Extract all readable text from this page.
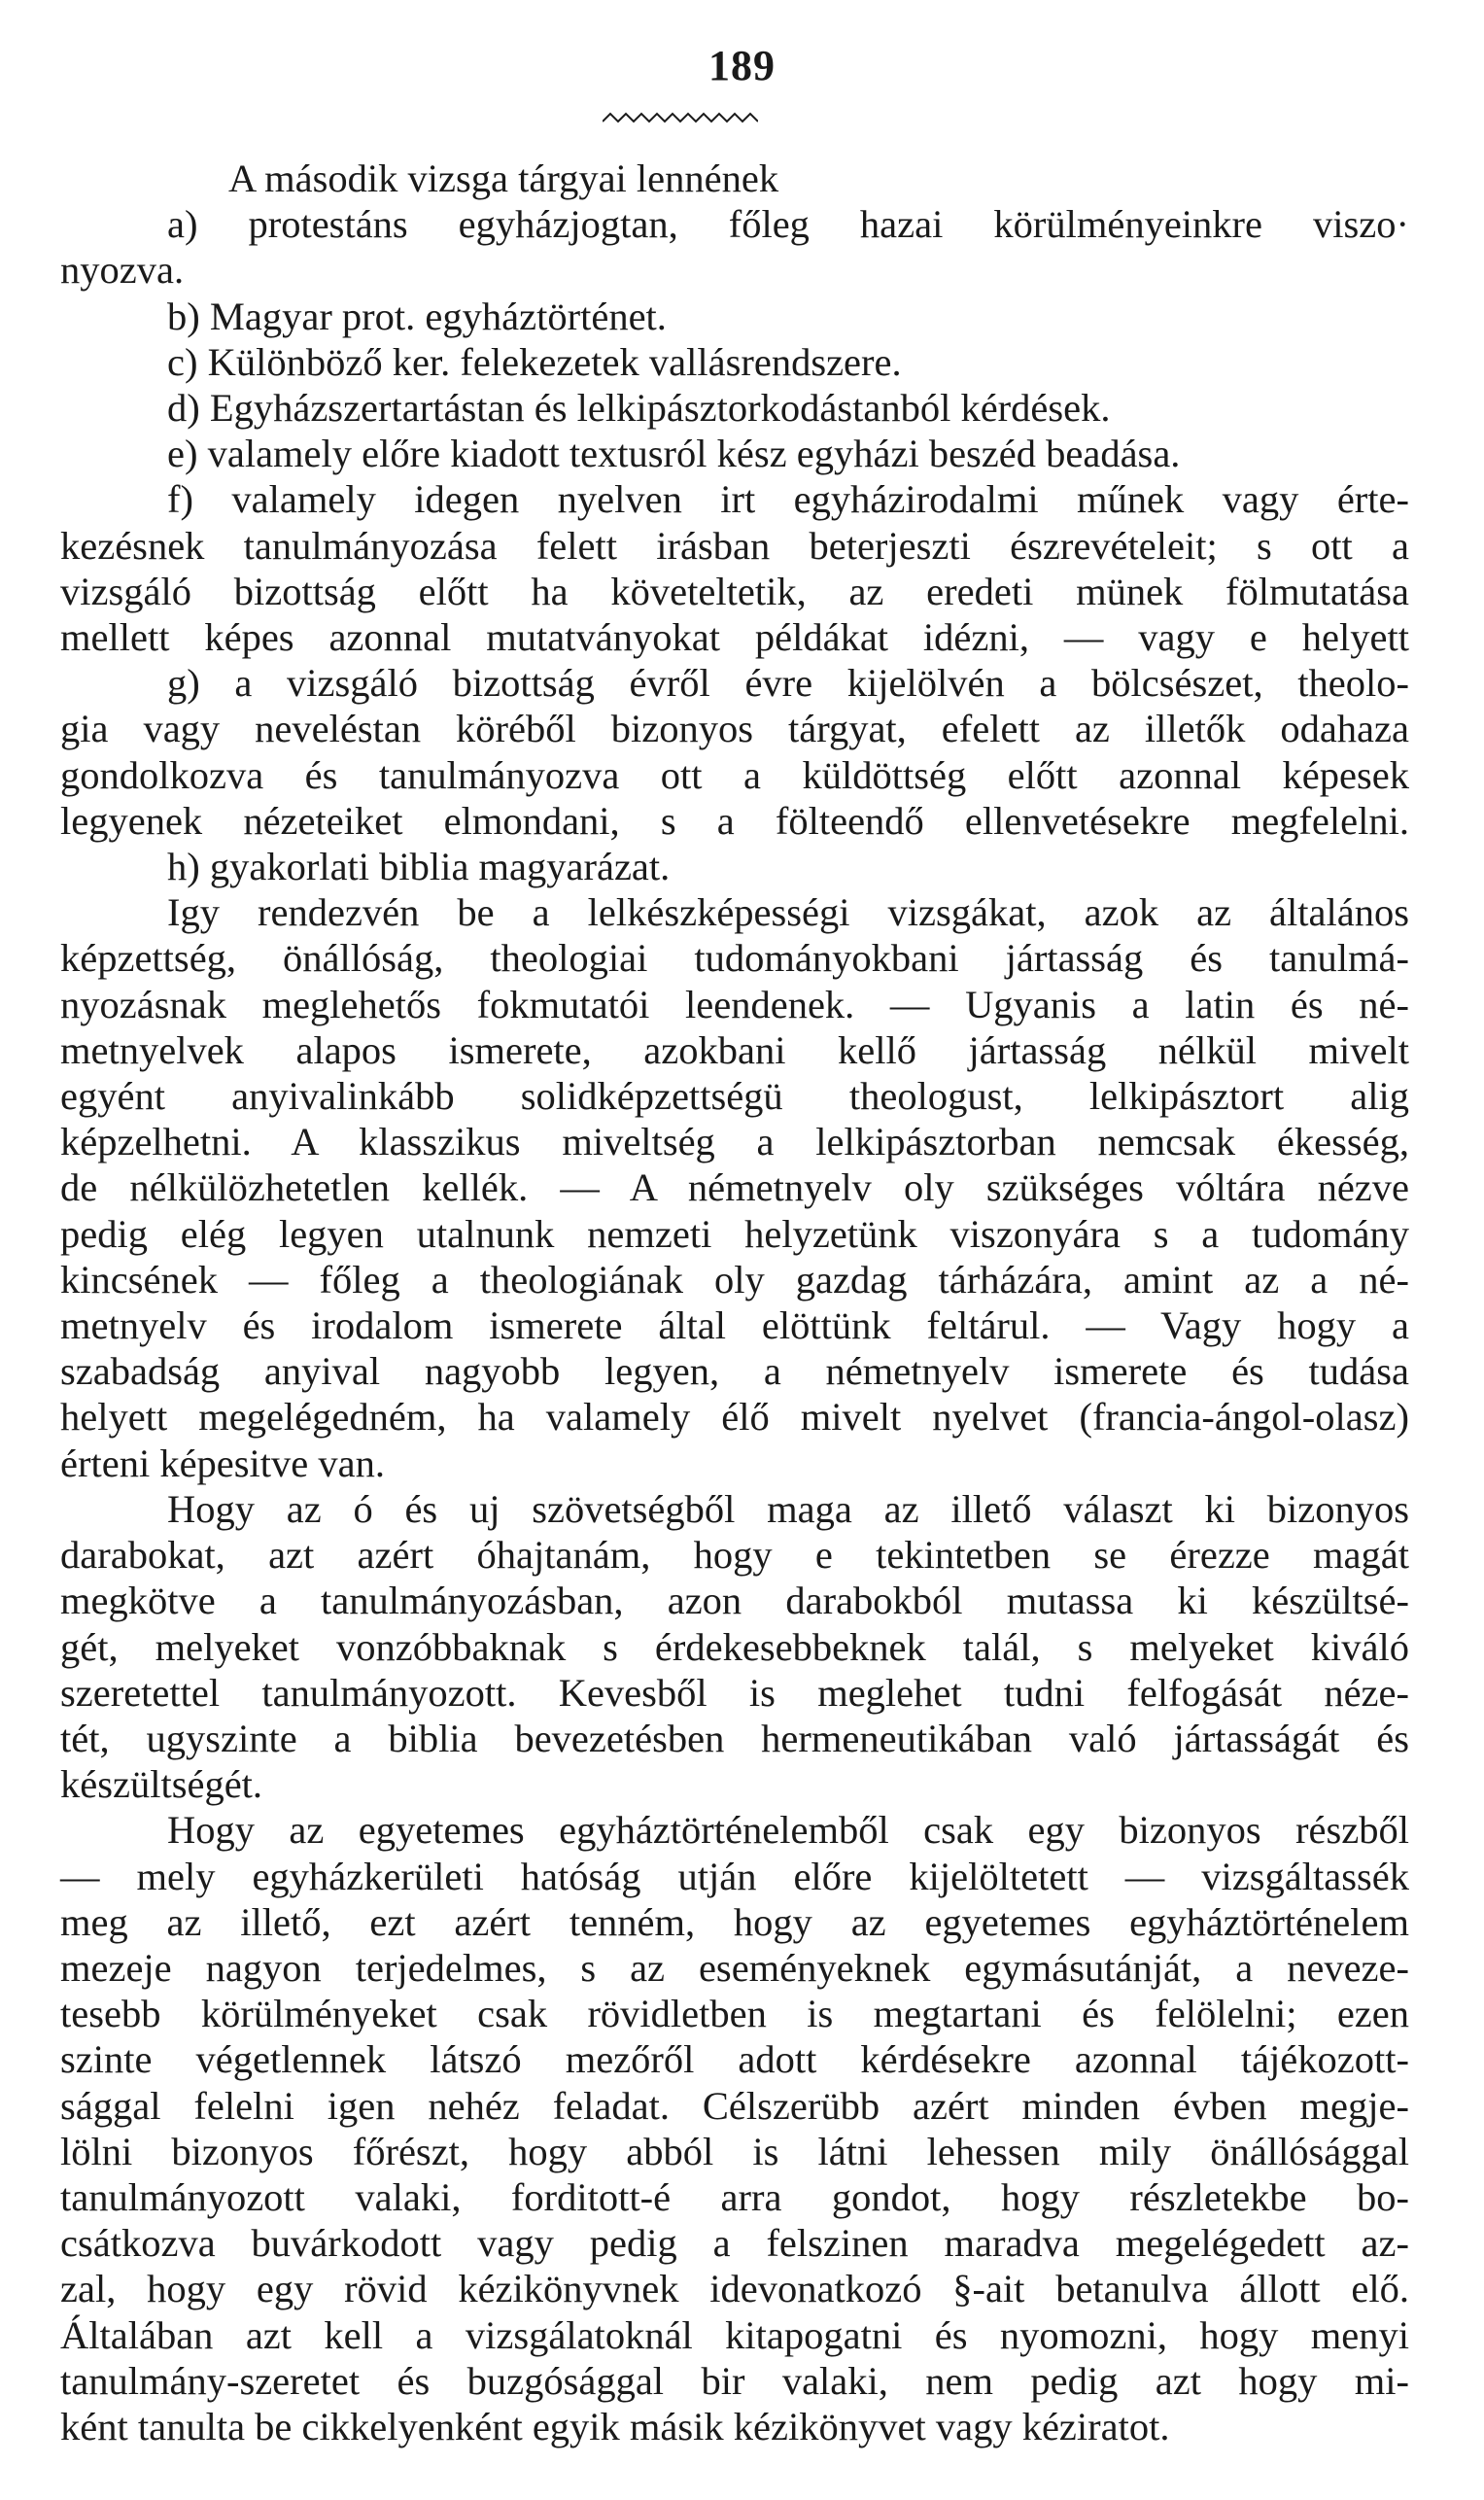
189
A második vizsga tárgyai lennének
a) protestáns egyházjogtan, főleg hazai körülményeinkre viszo·
nyozva.
b) Magyar prot. egyháztörténet.
c) Különböző ker. felekezetek vallásrendszere.
d) Egyházszertartástan és lelkipásztorkodástanból kérdések.
e) valamely előre kiadott textusról kész egyházi beszéd beadása.
f) valamely idegen nyelven irt egyházirodalmi műnek vagy érte-
kezésnek tanulmányozása felett irásban beterjeszti észrevételeit; s ott a
vizsgáló bizottság előtt ha követeltetik, az eredeti münek fölmutatása
mellett képes azonnal mutatványokat példákat idézni, — vagy e helyett
g) a vizsgáló bizottság évről évre kijelölvén a bölcsészet, theolo-
gia vagy neveléstan köréből bizonyos tárgyat, efelett az illetők odahaza
gondolkozva és tanulmányozva ott a küldöttség előtt azonnal képesek
legyenek nézeteiket elmondani, s a fölteendő ellenvetésekre megfelelni.
h) gyakorlati biblia magyarázat.
Igy rendezvén be a lelkészképességi vizsgákat, azok az általános
képzettség, önállóság, theologiai tudományokbani jártasság és tanulmá-
nyozásnak meglehetős fokmutatói leendenek. — Ugyanis a latin és né-
metnyelvek alapos ismerete, azokbani kellő jártasság nélkül mivelt
egyént anyivalinkább solidképzettségü theologust, lelkipásztort alig
képzelhetni. A klasszikus miveltség a lelkipásztorban nemcsak ékesség,
de nélkülözhetetlen kellék. — A németnyelv oly szükséges vóltára nézve
pedig elég legyen utalnunk nemzeti helyzetünk viszonyára s a tudomány
kincsének — főleg a theologiának oly gazdag tárházára, amint az a né-
metnyelv és irodalom ismerete által elöttünk feltárul. — Vagy hogy a
szabadság anyival nagyobb legyen, a németnyelv ismerete és tudása
helyett megelégedném, ha valamely élő mivelt nyelvet (francia-ángol-olasz)
érteni képesitve van.
Hogy az ó és uj szövetségből maga az illető választ ki bizonyos
darabokat, azt azért óhajtanám, hogy e tekintetben se érezze magát
megkötve a tanulmányozásban, azon darabokból mutassa ki készültsé-
gét, melyeket vonzóbbaknak s érdekesebbeknek talál, s melyeket kiváló
szeretettel tanulmányozott. Kevesből is meglehet tudni felfogását néze-
tét, ugyszinte a biblia bevezetésben hermeneutikában való jártasságát és
készültségét.
Hogy az egyetemes egyháztörténelemből csak egy bizonyos részből
— mely egyházkerületi hatóság utján előre kijelöltetett — vizsgáltassék
meg az illető, ezt azért tenném, hogy az egyetemes egyháztörténelem
mezeje nagyon terjedelmes, s az eseményeknek egymásutánját, a neveze-
tesebb körülményeket csak rövidletben is megtartani és felölelni; ezen
szinte végetlennek látszó mezőről adott kérdésekre azonnal tájékozott-
sággal felelni igen nehéz feladat. Célszerübb azért minden évben megje-
lölni bizonyos főrészt, hogy abból is látni lehessen mily önállósággal
tanulmányozott valaki, forditott-é arra gondot, hogy részletekbe bo-
csátkozva buvárkodott vagy pedig a felszinen maradva megelégedett az-
zal, hogy egy rövid kézikönyvnek idevonatkozó §-ait betanulva állott elő.
Általában azt kell a vizsgálatoknál kitapogatni és nyomozni, hogy menyi
tanulmány-szeretet és buzgósággal bir valaki, nem pedig azt hogy mi-
ként tanulta be cikkelyenként egyik másik kézikönyvet vagy kéziratot.
